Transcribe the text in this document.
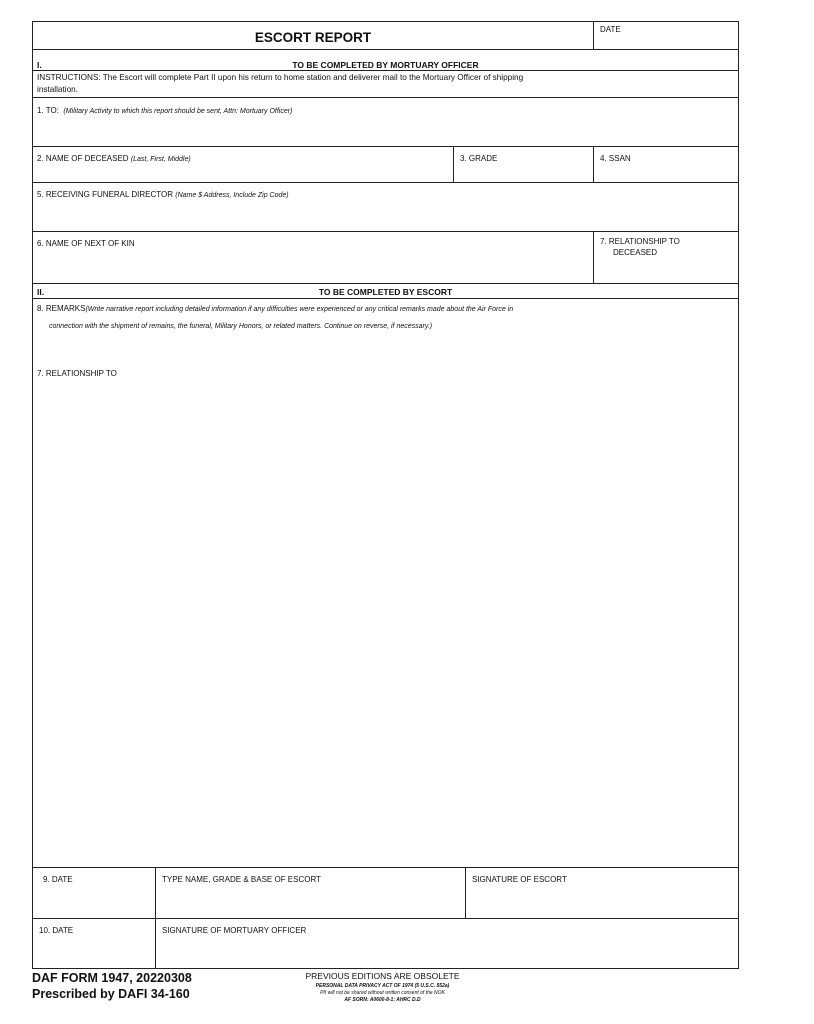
ESCORT REPORT
DATE
I.	TO BE COMPLETED BY MORTUARY OFFICER
INSTRUCTIONS: The Escort will complete Part II upon his return to home station and deliverer mail to the Mortuary Officer of shipping
installation.
1. TO: (Military Activity to which this report should be sent, Attn: Mortuary Officer)
2. NAME OF DECEASED (Last, First, Middle)	3. GRADE	4. SSAN
5. RECEIVING FUNERAL DIRECTOR (Name $ Address, Include Zip Code)
6. NAME OF NEXT OF KIN	7. RELATIONSHIP TO
DECEASED
II.	TO BE COMPLETED BY ESCORT
8. REMARKS(Write narrative report including detailed information if any difficulties were experienced or any critical remarks made about the Air Force in
connection with the shipment of remains, the funeral, Military Honors, or related matters. Continue on reverse, if necessary.)
7. RELATIONSHIP TO
9. DATE	TYPE NAME, GRADE & BASE OF ESCORT	SIGNATURE OF ESCORT
10. DATE	SIGNATURE OF MORTUARY OFFICER
DAF FORM 1947, 20220308
Prescribed by DAFI 34-160
PREVIOUS EDITIONS ARE OBSOLETE
PERSONAL DATA PRIVACY ACT OF 1974 (5 U.S.C. 552a)
PII will not be shared without written consent of the NOK
AF SORN: A0600-8-1; AHRC D.D
